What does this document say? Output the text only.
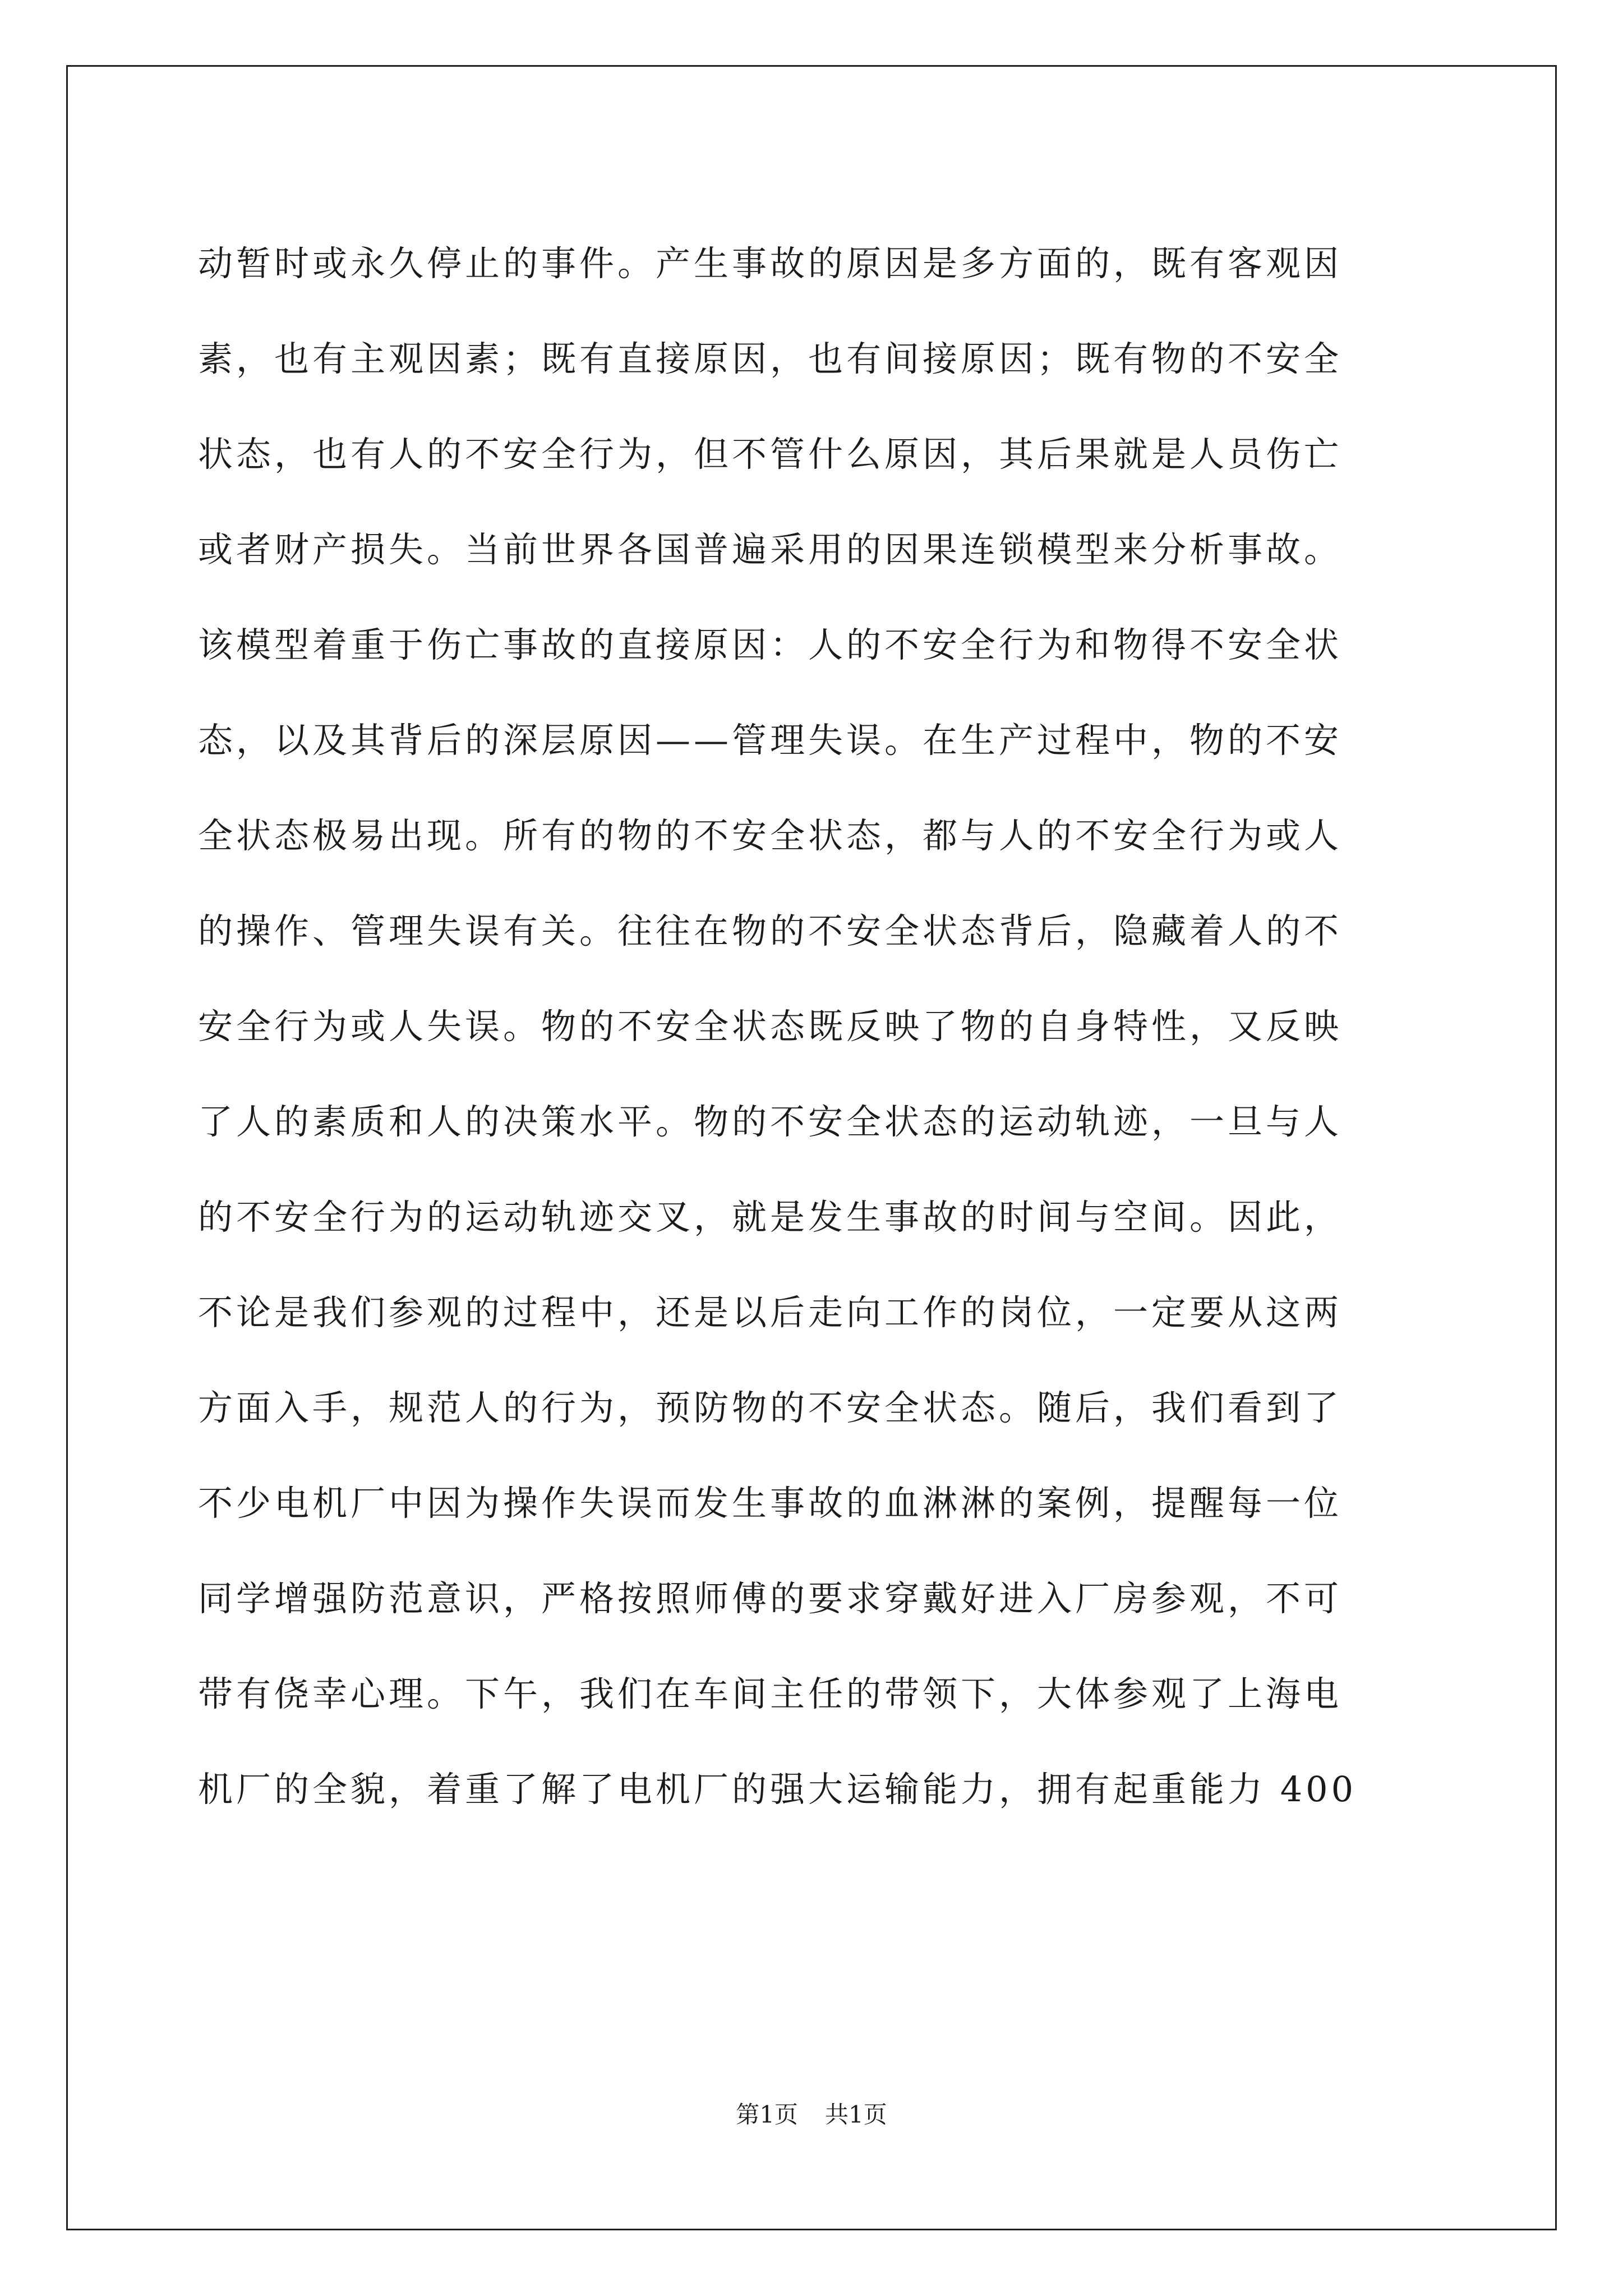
动暂时或永久停止的事件。产生事故的原因是多方面的，既有客观因
素，也有主观因素；既有直接原因，也有间接原因；既有物的不安全
状态，也有人的不安全行为，但不管什么原因，其后果就是人员伤亡
或者财产损失。当前世界各国普遍采用的因果连锁模型来分析事故。
该模型着重于伤亡事故的直接原因：人的不安全行为和物得不安全状
态，以及其背后的深层原因——管理失误。在生产过程中，物的不安
全状态极易出现。所有的物的不安全状态，都与人的不安全行为或人
的操作、管理失误有关。往往在物的不安全状态背后，隐藏着人的不
安全行为或人失误。物的不安全状态既反映了物的自身特性，又反映
了人的素质和人的决策水平。物的不安全状态的运动轨迹，一旦与人
的不安全行为的运动轨迹交叉，就是发生事故的时间与空间。因此，
不论是我们参观的过程中，还是以后走向工作的岗位，一定要从这两
方面入手，规范人的行为，预防物的不安全状态。随后，我们看到了
不少电机厂中因为操作失误而发生事故的血淋淋的案例，提醒每一位
同学增强防范意识，严格按照师傅的要求穿戴好进入厂房参观，不可
带有侥幸心理。下午，我们在车间主任的带领下，大体参观了上海电
机厂的全貌，着重了解了电机厂的强大运输能力，拥有起重能力 400
第1页 共1页
